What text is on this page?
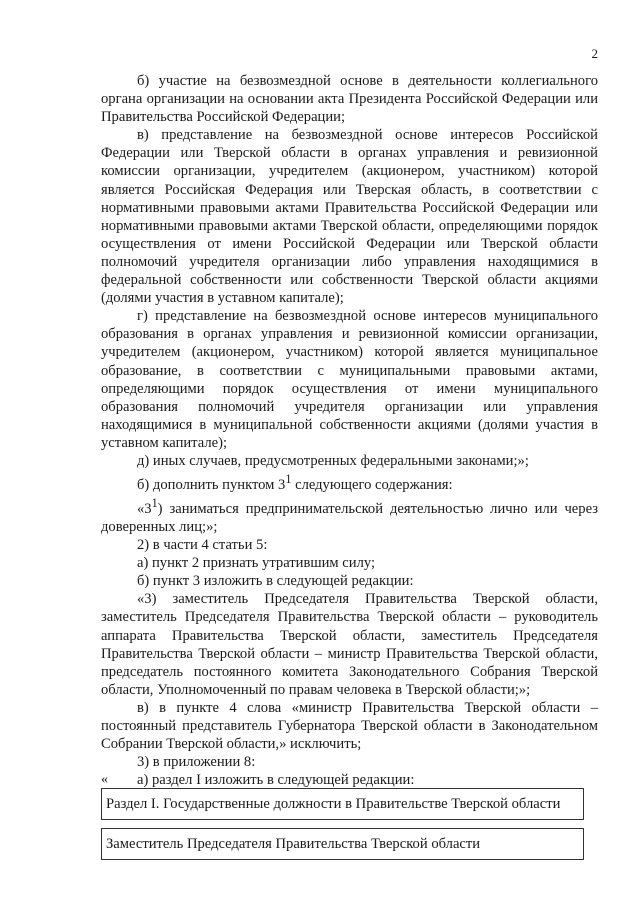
2

б) участие на безвозмездной основе в деятельности коллегиального органа организации на основании акта Президента Российской Федерации или Правительства Российской Федерации;

в) представление на безвозмездной основе интересов Российской Федерации или Тверской области в органах управления и ревизионной комиссии организации, учредителем (акционером, участником) которой является Российская Федерация или Тверская область, в соответствии с нормативными правовыми актами Правительства Российской Федерации или нормативными правовыми актами Тверской области, определяющими порядок осуществления от имени Российской Федерации или Тверской области полномочий учредителя организации либо управления находящимися в федеральной собственности или собственности Тверской области акциями (долями участия в уставном капитале);

г) представление на безвозмездной основе интересов муниципального образования в органах управления и ревизионной комиссии организации, учредителем (акционером, участником) которой является муниципальное образование, в соответствии с муниципальными правовыми актами, определяющими порядок осуществления от имени муниципального образования полномочий учредителя организации или управления находящимися в муниципальной собственности акциями (долями участия в уставном капитале);

д) иных случаев, предусмотренных федеральными законами;»;

б) дополнить пунктом $3^1$ следующего содержания:

«$3^1$) заниматься предпринимательской деятельностью лично или через доверенных лиц;»;

2) в части 4 статьи 5:

а) пункт 2 признать утратившим силу;

б) пункт 3 изложить в следующей редакции:

«3) заместитель Председателя Правительства Тверской области, заместитель Председателя Правительства Тверской области – руководитель аппарата Правительства Тверской области, заместитель Председателя Правительства Тверской области – министр Правительства Тверской области, председатель постоянного комитета Законодательного Собрания Тверской области, Уполномоченный по правам человека в Тверской области;»;

в) в пункте 4 слова «министр Правительства Тверской области – постоянный представитель Губернатора Тверской области в Законодательном Собрании Тверской области,» исключить;

3) в приложении 8:

а) раздел I изложить в следующей редакции:

«
Раздел I. Государственные должности в Правительстве Тверской области

Заместитель Председателя Правительства Тверской области
